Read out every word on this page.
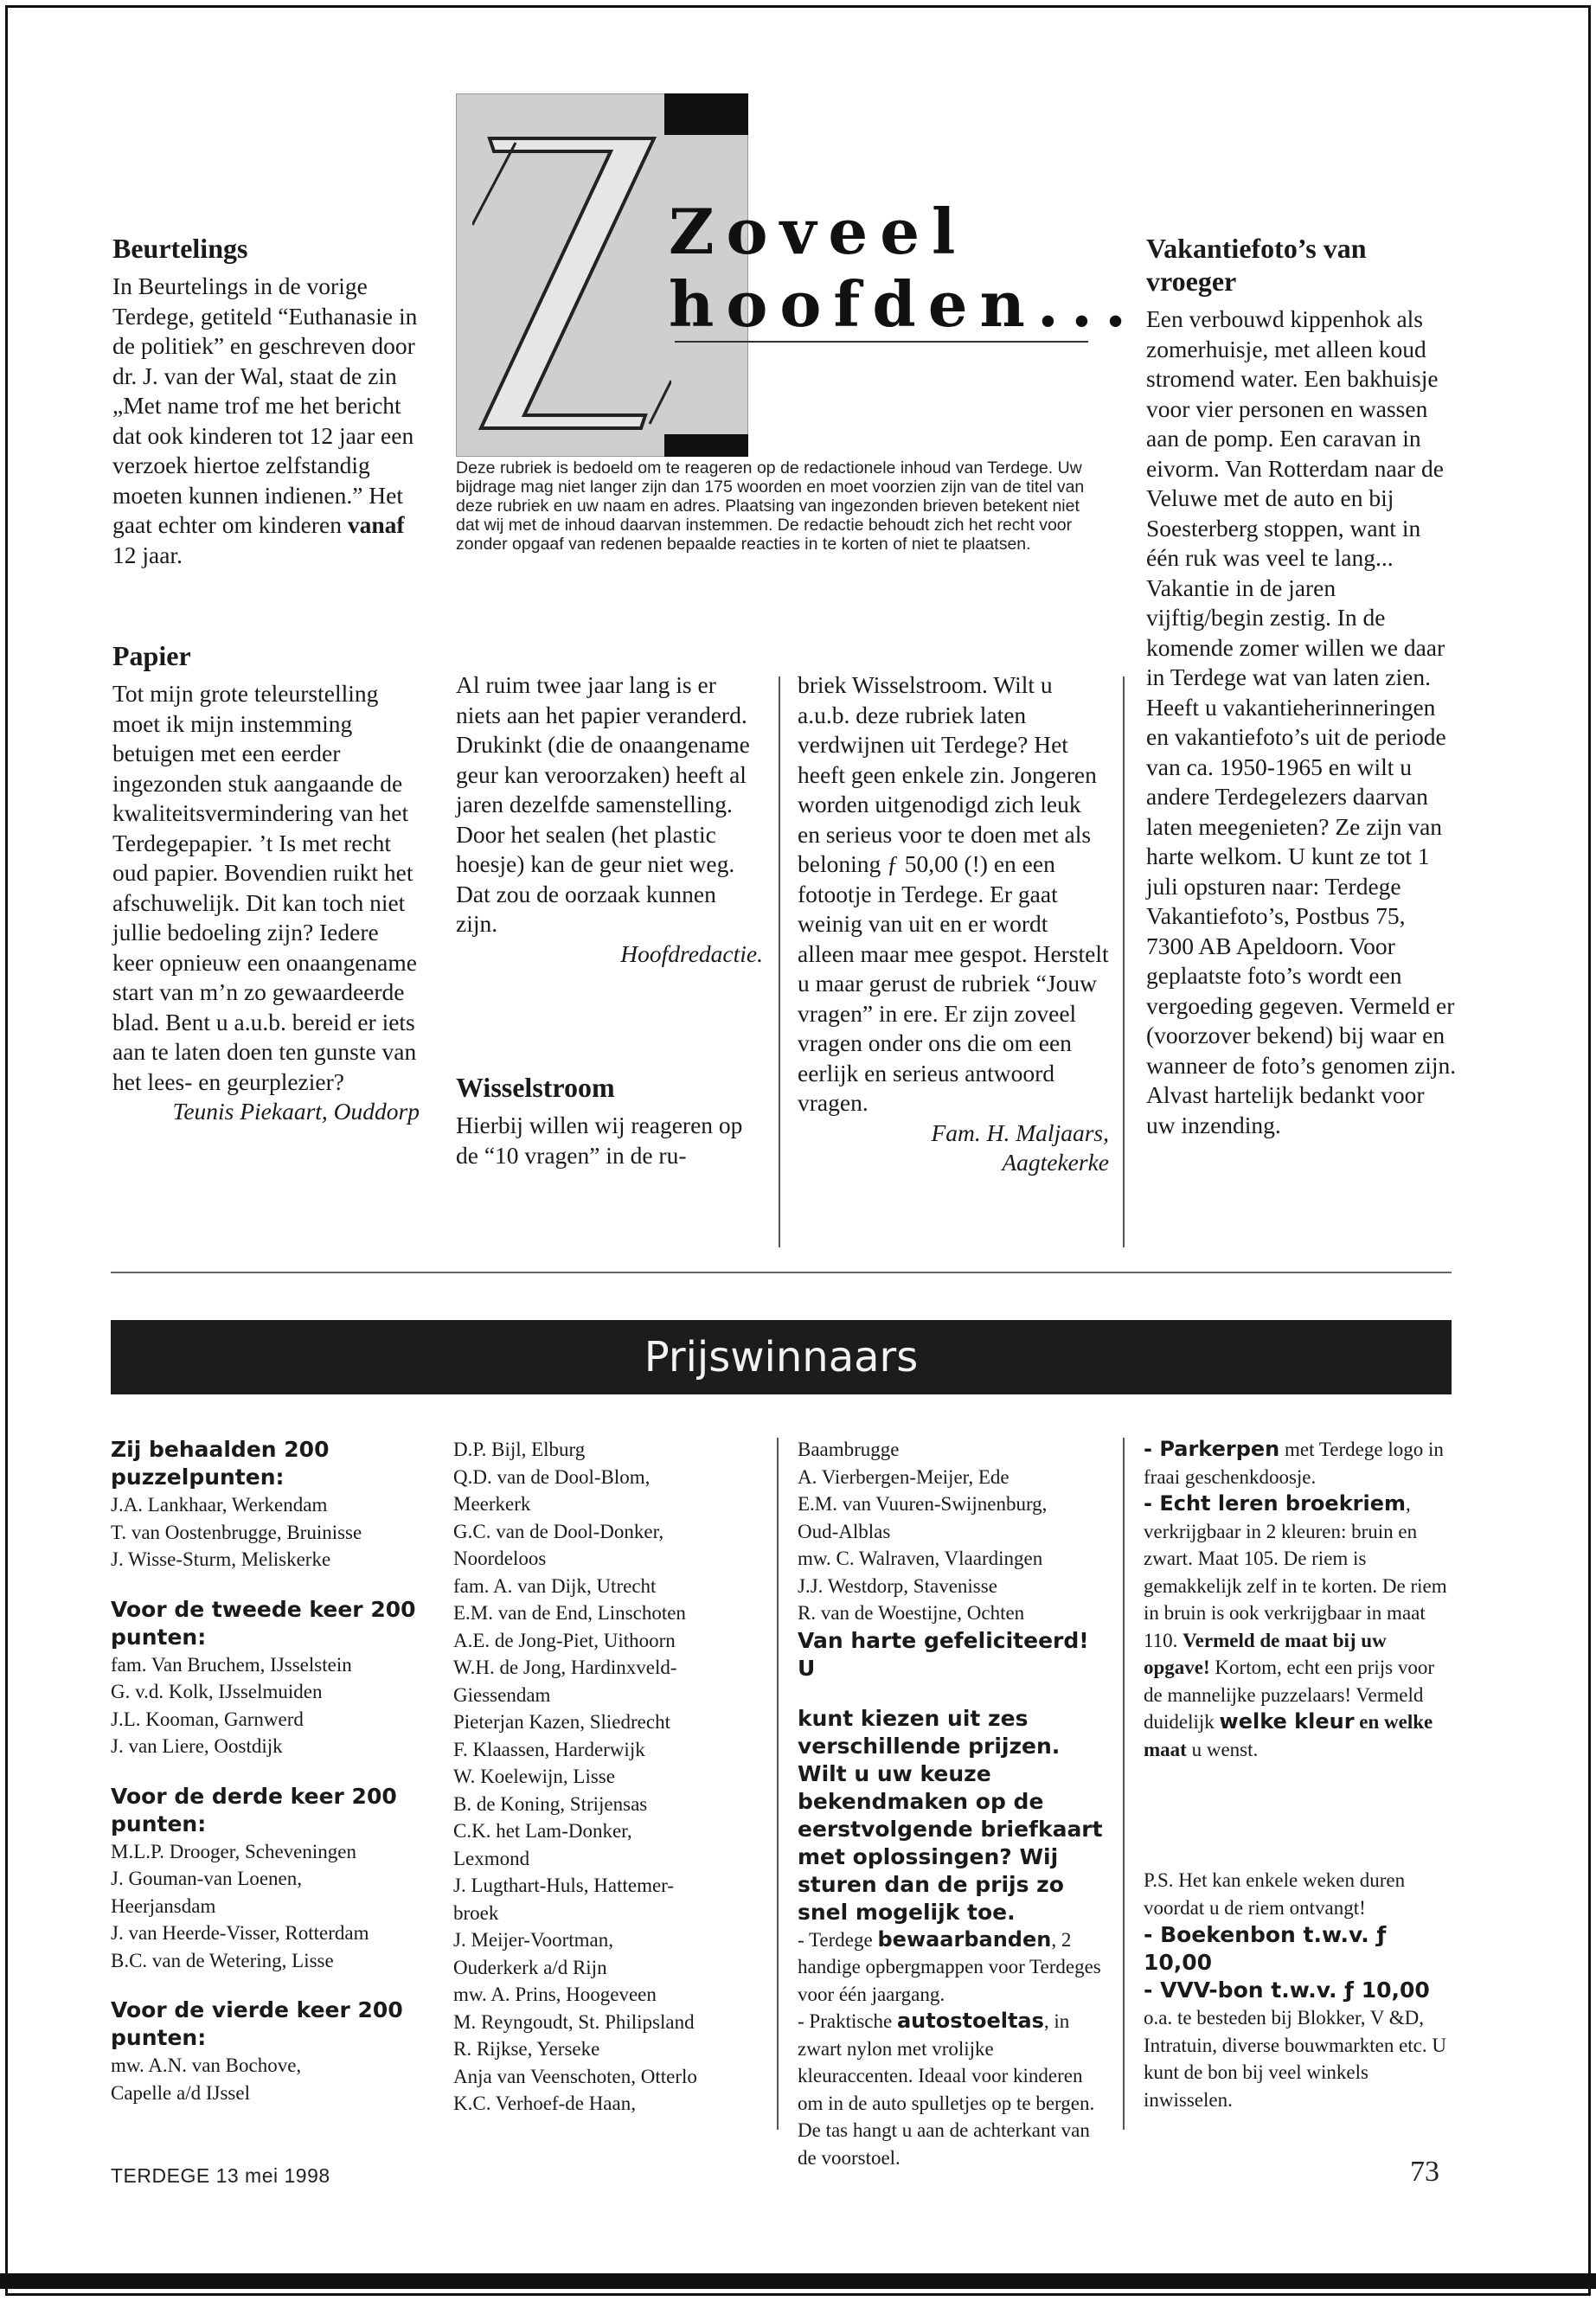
Zoveel
hoofden...
Deze rubriek is bedoeld om te reageren op de redactionele inhoud van Terdege. Uw bijdrage mag niet langer zijn dan 175 woorden en moet voorzien zijn van de titel van deze rubriek en uw naam en adres. Plaatsing van ingezonden brieven betekent niet dat wij met de inhoud daarvan instemmen. De redactie behoudt zich het recht voor zonder opgaaf van redenen bepaalde reacties in te korten of niet te plaatsen.
Beurtelings

In Beurtelings in de vorige Terdege, getiteld “Euthanasie in de politiek” en geschreven door dr. J. van der Wal, staat de zin „Met name trof me het bericht dat ook kinderen tot 12 jaar een verzoek hiertoe zelfstandig moeten kunnen indienen.” Het gaat echter om kinderen vanaf 12 jaar.

Papier

Tot mijn grote teleurstelling moet ik mijn instemming betuigen met een eerder ingezonden stuk aangaande de kwaliteitsvermindering van het Terdegepapier. ’t Is met recht oud papier. Bovendien ruikt het afschuwelijk. Dit kan toch niet jullie bedoeling zijn? Iedere keer opnieuw een onaangename start van m’n zo gewaardeerde blad. Bent u a.u.b. bereid er iets aan te laten doen ten gunste van het lees- en geurplezier?

Teunis Piekaart, Ouddorp

Al ruim twee jaar lang is er niets aan het papier veranderd. Drukinkt (die de onaangename geur kan veroorzaken) heeft al jaren dezelfde samenstelling. Door het sealen (het plastic hoesje) kan de geur niet weg. Dat zou de oorzaak kunnen zijn.

Hoofdredactie.

Wisselstroom

Hierbij willen wij reageren op de “10 vragen” in de ru-

briek Wisselstroom. Wilt u a.u.b. deze rubriek laten verdwijnen uit Terdege? Het heeft geen enkele zin. Jongeren worden uitgenodigd zich leuk en serieus voor te doen met als beloning ƒ 50,00 (!) en een fotootje in Terdege. Er gaat weinig van uit en er wordt alleen maar mee gespot. Herstelt u maar gerust de rubriek “Jouw vragen” in ere. Er zijn zoveel vragen onder ons die om een eerlijk en serieus antwoord vragen.

Fam. H. Maljaars,

Aagtekerke

Vakantiefoto’s van vroeger

Een verbouwd kippenhok als zomerhuisje, met alleen koud stromend water. Een bakhuisje voor vier personen en wassen aan de pomp. Een caravan in eivorm. Van Rotterdam naar de Veluwe met de auto en bij Soesterberg stoppen, want in één ruk was veel te lang... Vakantie in de jaren vijftig/begin zestig. In de komende zomer willen we daar in Terdege wat van laten zien. Heeft u vakantieherinneringen en vakantiefoto’s uit de periode van ca. 1950-1965 en wilt u andere Terdegelezers daarvan laten meegenieten? Ze zijn van harte welkom. U kunt ze tot 1 juli opsturen naar: Terdege Vakantiefoto’s, Postbus 75, 7300 AB Apeldoorn. Voor geplaatste foto’s wordt een vergoeding gegeven. Vermeld er (voorzover bekend) bij waar en wanneer de foto’s genomen zijn. Alvast hartelijk bedankt voor uw inzending.

Prijswinnaars
Zij behaalden 200 puzzelpunten:
J.A. Lankhaar, Werkendam
T. van Oostenbrugge, Bruinisse
J. Wisse-Sturm, Meliskerke
Voor de tweede keer 200 punten:
fam. Van Bruchem, IJsselstein
G. v.d. Kolk, IJsselmuiden
J.L. Kooman, Garnwerd
J. van Liere, Oostdijk
Voor de derde keer 200 punten:
M.L.P. Drooger, Scheveningen
J. Gouman-van Loenen,
Heerjansdam
J. van Heerde-Visser, Rotterdam
B.C. van de Wetering, Lisse
Voor de vierde keer 200 punten:
mw. A.N. van Bochove,
Capelle a/d IJssel
D.P. Bijl, Elburg
Q.D. van de Dool-Blom,
Meerkerk
G.C. van de Dool-Donker,
Noordeloos
fam. A. van Dijk, Utrecht
E.M. van de End, Linschoten
A.E. de Jong-Piet, Uithoorn
W.H. de Jong, Hardinxveld-
Giessendam
Pieterjan Kazen, Sliedrecht
F. Klaassen, Harderwijk
W. Koelewijn, Lisse
B. de Koning, Strijensas
C.K. het Lam-Donker,
Lexmond
J. Lugthart-Huls, Hattemer-
broek
J. Meijer-Voortman,
Ouderkerk a/d Rijn
mw. A. Prins, Hoogeveen
M. Reyngoudt, St. Philipsland
R. Rijkse, Yerseke
Anja van Veenschoten, Otterlo
K.C. Verhoef-de Haan,
Baambrugge
A. Vierbergen-Meijer, Ede
E.M. van Vuuren-Swijnenburg,
Oud-Alblas
mw. C. Walraven, Vlaardingen
J.J. Westdorp, Stavenisse
R. van de Woestijne, Ochten
Van harte gefeliciteerd! U
kunt kiezen uit zes verschillende prijzen. Wilt u uw keuze bekendmaken op de eerstvolgende briefkaart met oplossingen? Wij sturen dan de prijs zo snel mogelijk toe.
- Terdege bewaarbanden, 2 handige opbergmappen voor Terdeges voor één jaargang.
- Praktische autostoeltas, in zwart nylon met vrolijke kleuraccenten. Ideaal voor kinderen om in de auto spulletjes op te bergen. De tas hangt u aan de achterkant van de voorstoel.
- Parkerpen met Terdege logo in fraai geschenkdoosje.
- Echt leren broekriem, verkrijgbaar in 2 kleuren: bruin en zwart. Maat 105. De riem is gemakkelijk zelf in te korten. De riem in bruin is ook verkrijgbaar in maat 110. Vermeld de maat bij uw opgave! Kortom, echt een prijs voor de mannelijke puzzelaars! Vermeld duidelijk welke kleur en welke maat u wenst.
P.S. Het kan enkele weken duren voordat u de riem ontvangt!
- Boekenbon t.w.v. ƒ 10,00
- VVV-bon t.w.v. ƒ 10,00
o.a. te besteden bij Blokker, V &D, Intratuin, diverse bouwmarkten etc. U kunt de bon bij veel winkels inwisselen.
TERDEGE 13 mei 1998	73
